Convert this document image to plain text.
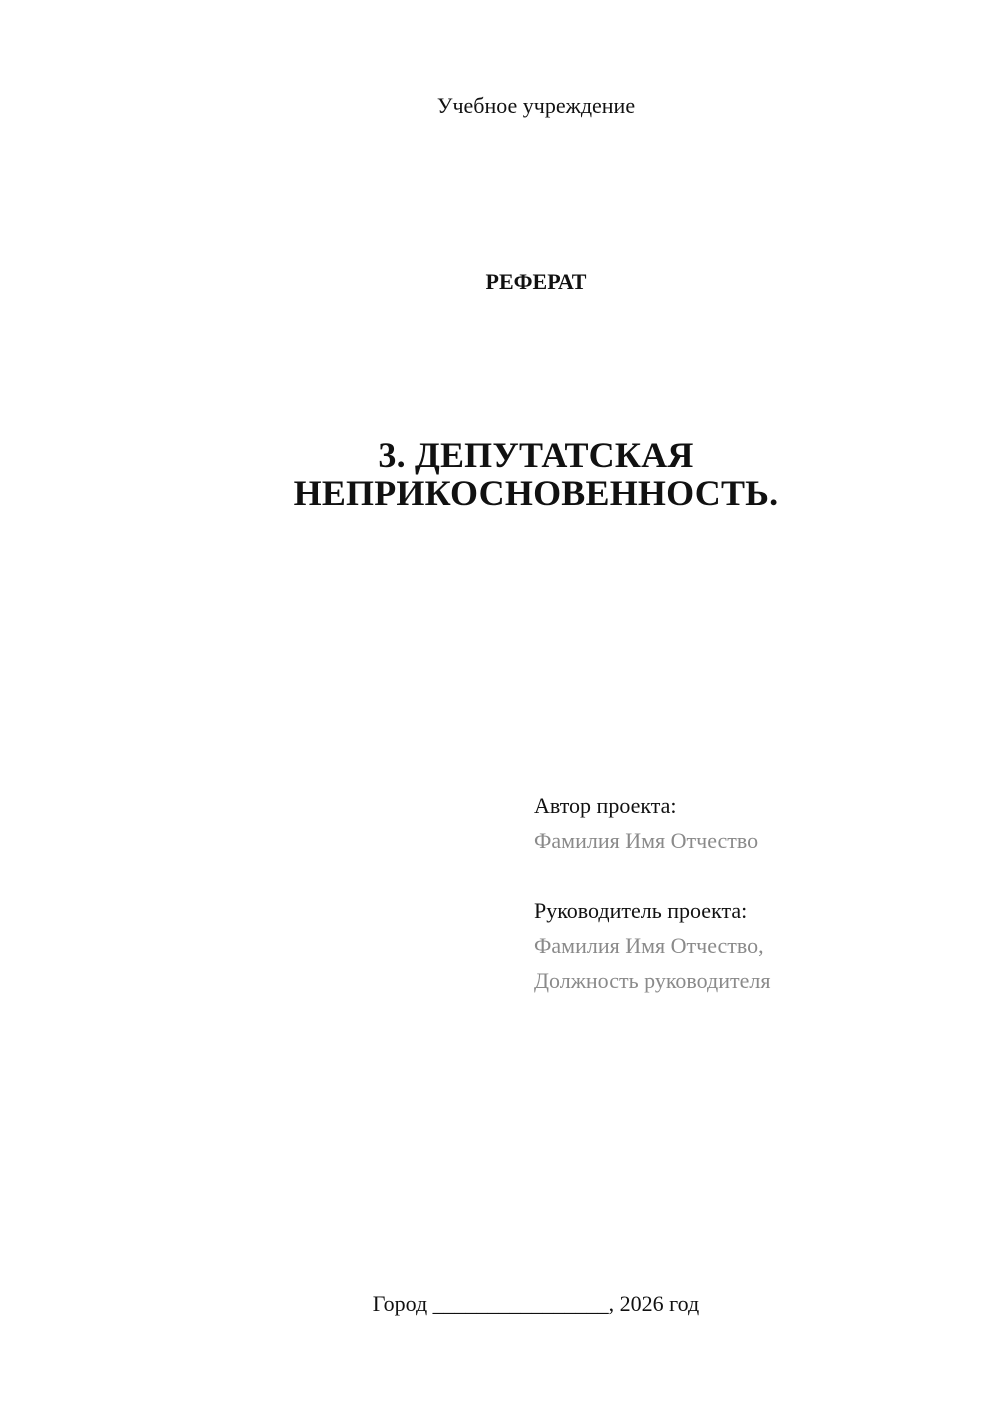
Учебное учреждение
РЕФЕРАТ
3. ДЕПУТАТСКАЯ
НЕПРИКОСНОВЕННОСТЬ.
Автор проекта:
Фамилия Имя Отчество
Руководитель проекта:
Фамилия Имя Отчество,
Должность руководителя
Город ________________, 2026 год
